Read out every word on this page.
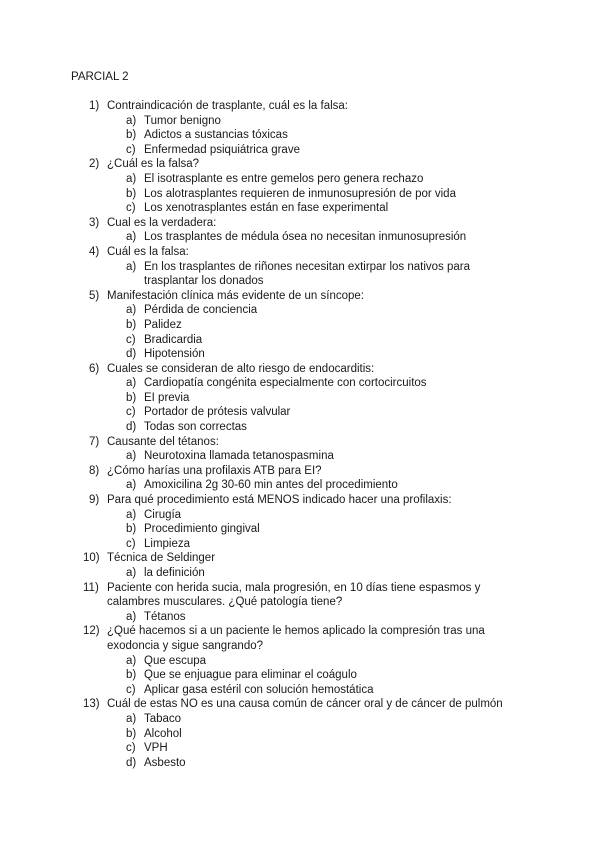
PARCIAL 2
1) Contraindicación de trasplante, cuál es la falsa:
a) Tumor benigno
b) Adictos a sustancias tóxicas
c) Enfermedad psiquiátrica grave
2) ¿Cuál es la falsa?
a) El isotrasplante es entre gemelos pero genera rechazo
b) Los alotrasplantes requieren de inmunosupresión de por vida
c) Los xenotrasplantes están en fase experimental
3) Cual es la verdadera:
a) Los trasplantes de médula ósea no necesitan inmunosupresión
4) Cuál es la falsa:
a) En los trasplantes de riñones necesitan extirpar los nativos para trasplantar los donados
5) Manifestación clínica más evidente de un síncope:
a) Pérdida de conciencia
b) Palidez
c) Bradicardia
d) Hipotensión
6) Cuales se consideran de alto riesgo de endocarditis:
a) Cardiopatía congénita especialmente con cortocircuitos
b) EI previa
c) Portador de prótesis valvular
d) Todas son correctas
7) Causante del tétanos:
a) Neurotoxina llamada tetanospasmina
8) ¿Cómo harías una profilaxis ATB para EI?
a) Amoxicilina 2g 30-60 min antes del procedimiento
9) Para qué procedimiento está MENOS indicado hacer una profilaxis:
a) Cirugía
b) Procedimiento gingival
c) Limpieza
10) Técnica de Seldinger
a) la definición
11) Paciente con herida sucia, mala progresión, en 10 días tiene espasmos y calambres musculares. ¿Qué patología tiene?
a) Tétanos
12) ¿Qué hacemos si a un paciente le hemos aplicado la compresión tras una exodoncia y sigue sangrando?
a) Que escupa
b) Que se enjuague para eliminar el coágulo
c) Aplicar gasa estéril con solución hemostática
13) Cuál de estas NO es una causa común de cáncer oral y de cáncer de pulmón
a) Tabaco
b) Alcohol
c) VPH
d) Asbesto
